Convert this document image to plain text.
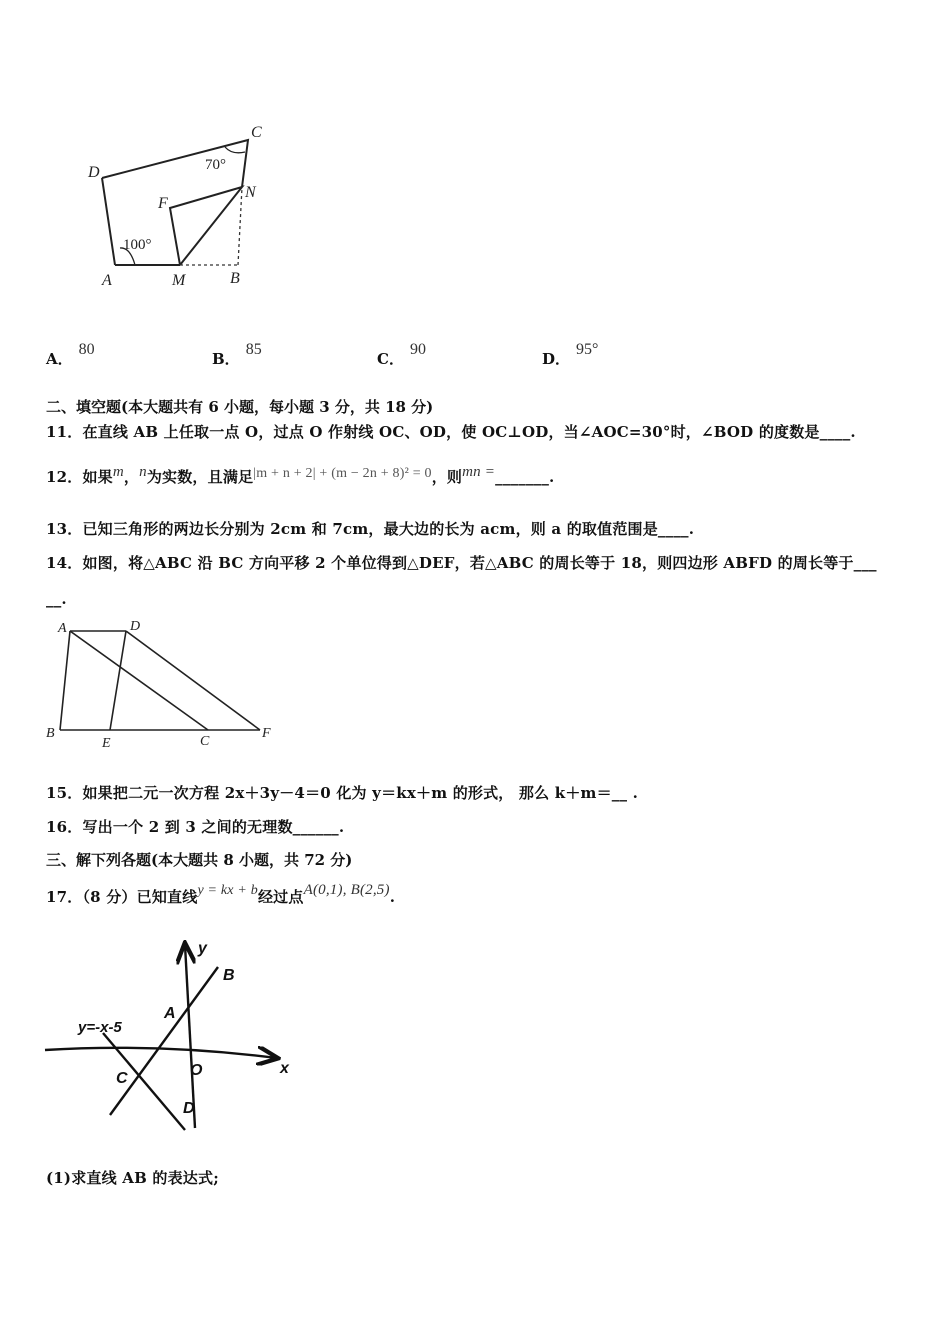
D
C
F
N
A	M	B
70°
100°
A．80
B．85
C．90
D．95°
二、填空题(本大题共有 6 小题，每小题 3 分，共 18 分)
11．在直线 AB 上任取一点 O，过点 O 作射线 OC、OD，使 OC⊥OD，当∠AOC=30°时，∠BOD 的度数是____.
12．如果m，n为实数，且满足|m + n + 2| + (m − 2n + 8)² = 0，则mn =_______.
13．已知三角形的两边长分别为 2cm 和 7cm，最大边的长为 acm，则 a 的取值范围是____.
14．如图，将△ABC 沿 BC 方向平移 2 个单位得到△DEF，若△ABC 的周长等于 18，则四边形 ABFD 的周长等于___
__.
A	D
B
E	C
F
15．如果把二元一次方程 2x＋3y－4＝0 化为 y＝kx＋m 的形式， 那么 k＋m＝__ .
16．写出一个 2 到 3 之间的无理数______.
三、解下列各题(本大题共 8 小题，共 72 分)
17．（8 分）已知直线y = kx + b经过点A(0,1), B(2,5).
y
x
B
A
O
C
D
y=-x-5
(1)求直线 AB 的表达式;
